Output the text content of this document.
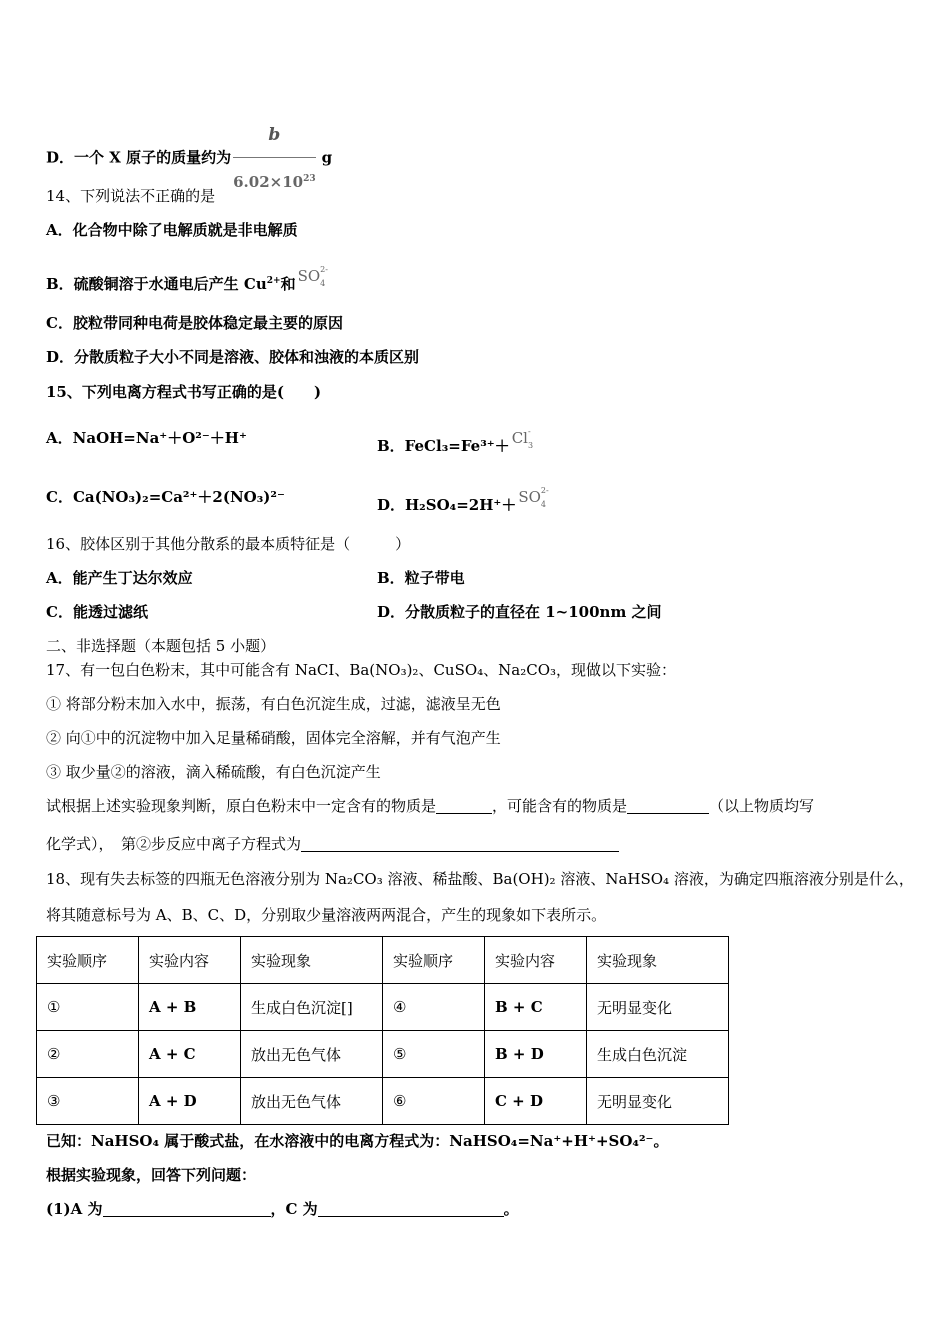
D．一个 X 原子的质量约为 $\frac{b}{6.02\times 10^{23}}$ g
14、下列说法不正确的是
A．化合物中除了电解质就是非电解质
B．硫酸铜溶于水通电后产生 $Cu^{2+}$和 SO 2-
4
C．胶粒带同种电荷是胶体稳定最主要的原因
D．分散质粒子大小不同是溶液、胶体和浊液的本质区别
15、下列电离方程式书写正确的是(　　)
A．NaOH=Na⁺＋O²⁻＋H⁺	B．FeCl₃=Fe³⁺＋ Cl -
3
C．Ca(NO₃)₂=Ca²⁺＋2(NO₃)²⁻	D．H₂SO₄=2H⁺＋ SO 2-
4
16、胶体区别于其他分散系的最本质特征是（　　　）
A．能产生丁达尔效应	B．粒子带电
C．能透过滤纸	D．分散质粒子的直径在 1~100nm 之间
二、非选择题（本题包括 5 小题）
17、有一包白色粉末，其中可能含有 NaCI、Ba(NO₃)₂、CuSO₄、Na₂CO₃，现做以下实验：
① 将部分粉末加入水中，振荡，有白色沉淀生成，过滤，滤液呈无色
② 向①中的沉淀物中加入足量稀硝酸，固体完全溶解，并有气泡产生
③ 取少量②的溶液，滴入稀硫酸，有白色沉淀产生
试根据上述实验现象判断，原白色粉末中一定含有的物质是	，可能含有的物质是	（以上物质均写
化学式），　第②步反应中离子方程式为
18、现有失去标签的四瓶无色溶液分别为 Na₂CO₃ 溶液、稀盐酸、Ba(OH)₂ 溶液、NaHSO₄ 溶液，为确定四瓶溶液分别是什么，
将其随意标号为 A、B、C、D，分别取少量溶液两两混合，产生的现象如下表所示。
实验顺序	实验内容	实验现象	实验顺序	实验内容	实验现象
①	A + B	生成白色沉淀[]	④	B + C	无明显变化
②	A + C	放出无色气体	⑤	B + D	生成白色沉淀
③	A + D	放出无色气体	⑥	C + D	无明显变化
已知：NaHSO₄ 属于酸式盐，在水溶液中的电离方程式为：NaHSO₄=Na⁺+H⁺+SO₄²⁻。
根据实验现象，回答下列问题：
(1)A 为	，C 为	。
